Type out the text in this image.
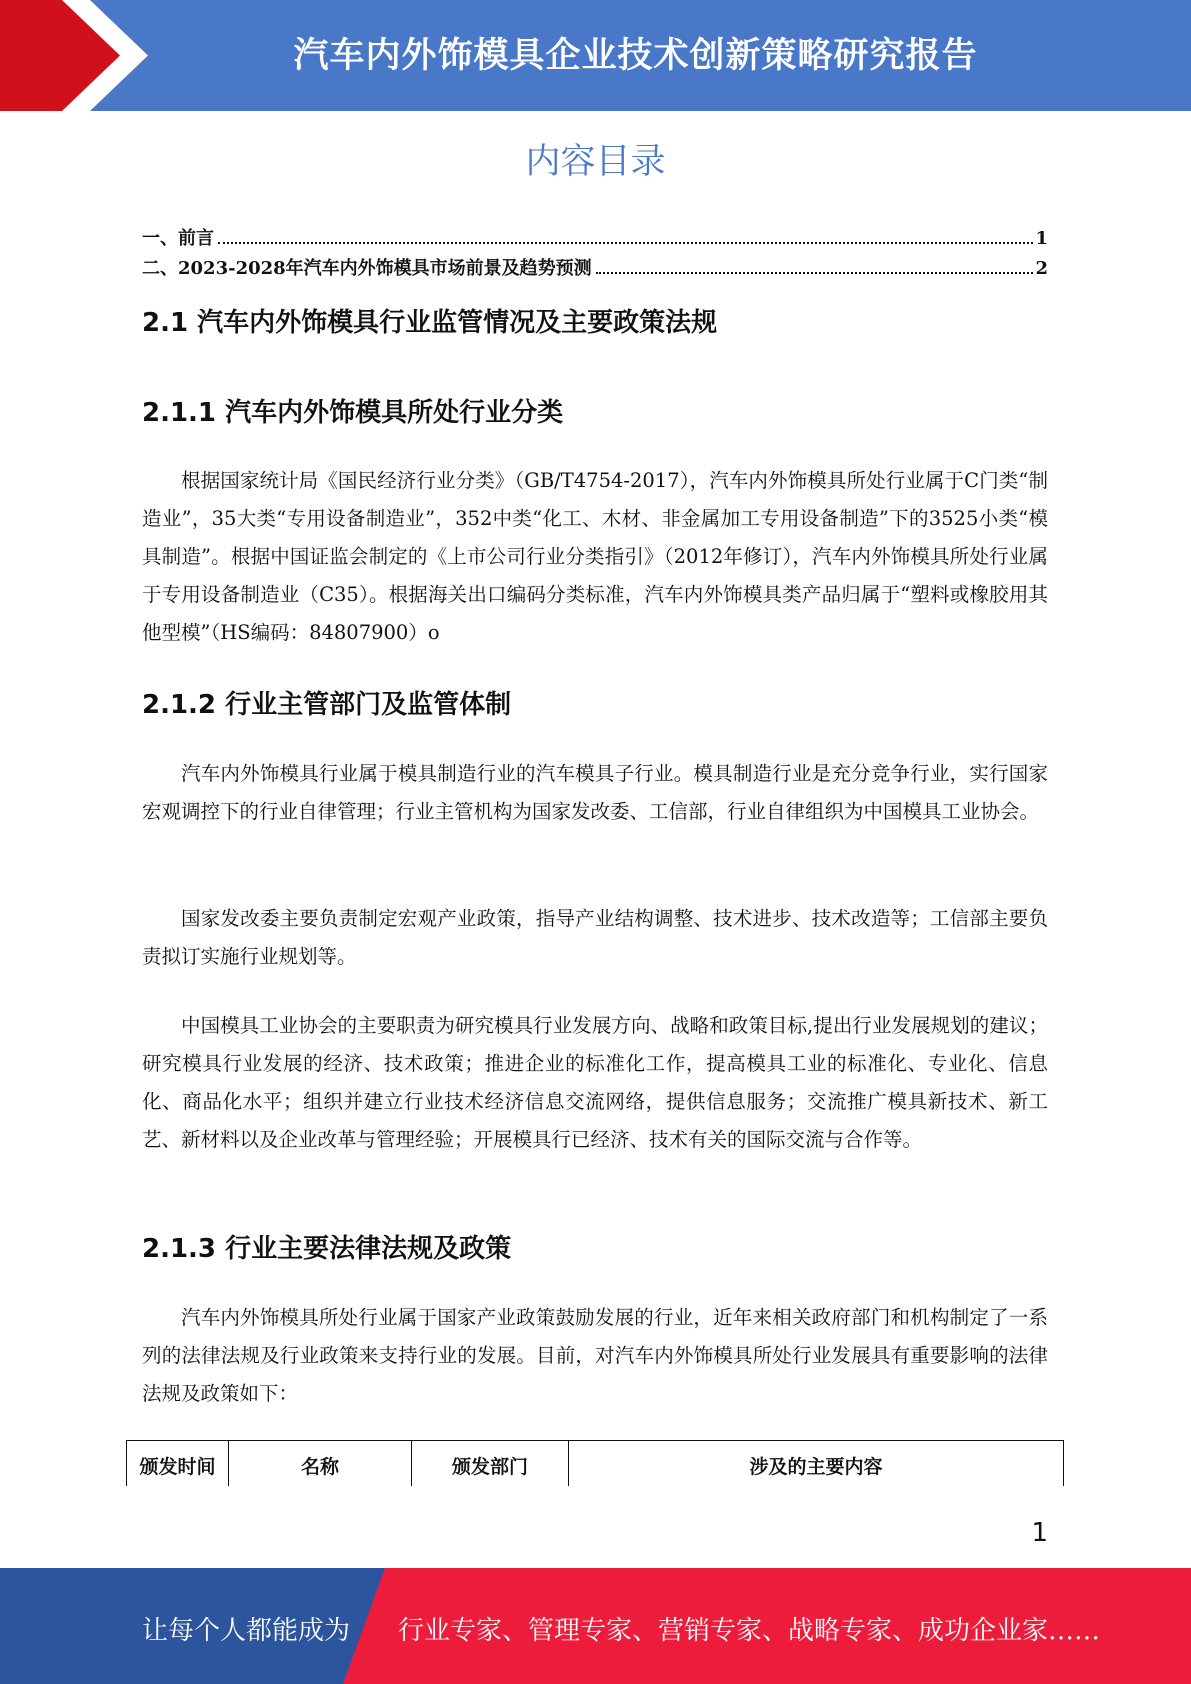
汽车内外饰模具企业技术创新策略研究报告
内容目录
一、前言	1
二、2023-2028年汽车内外饰模具市场前景及趋势预测	2
2.1 汽车内外饰模具行业监管情况及主要政策法规
2.1.1 汽车内外饰模具所处行业分类
根据国家统计局《国民经济行业分类》（GB/T4754-2017），汽车内外饰模具所处行业属于C门类“制造业”，35大类“专用设备制造业”，352中类“化工、木材、非金属加工专用设备制造”下的3525小类“模具制造”。根据中国证监会制定的《上市公司行业分类指引》（2012年修订），汽车内外饰模具所处行业属于专用设备制造业（C35）。根据海关出口编码分类标准，汽车内外饰模具类产品归属于“塑料或橡胶用其他型模”（HS编码：84807900）o
2.1.2 行业主管部门及监管体制
汽车内外饰模具行业属于模具制造行业的汽车模具子行业。模具制造行业是充分竞争行业，实行国家宏观调控下的行业自律管理；行业主管机构为国家发改委、工信部，行业自律组织为中国模具工业协会。
国家发改委主要负责制定宏观产业政策，指导产业结构调整、技术进步、技术改造等；工信部主要负责拟订实施行业规划等。
中国模具工业协会的主要职责为研究模具行业发展方向、战略和政策目标,提出行业发展规划的建议；研究模具行业发展的经济、技术政策；推进企业的标准化工作，提高模具工业的标准化、专业化、信息化、商品化水平；组织并建立行业技术经济信息交流网络，提供信息服务；交流推广模具新技术、新工艺、新材料以及企业改革与管理经验；开展模具行已经济、技术有关的国际交流与合作等。
2.1.3 行业主要法律法规及政策
汽车内外饰模具所处行业属于国家产业政策鼓励发展的行业，近年来相关政府部门和机构制定了一系列的法律法规及行业政策来支持行业的发展。目前，对汽车内外饰模具所处行业发展具有重要影响的法律法规及政策如下：
颁发时间	名称	颁发部门	涉及的主要内容
1
让每个人都能成为 行业专家、管理专家、营销专家、战略专家、成功企业家……
